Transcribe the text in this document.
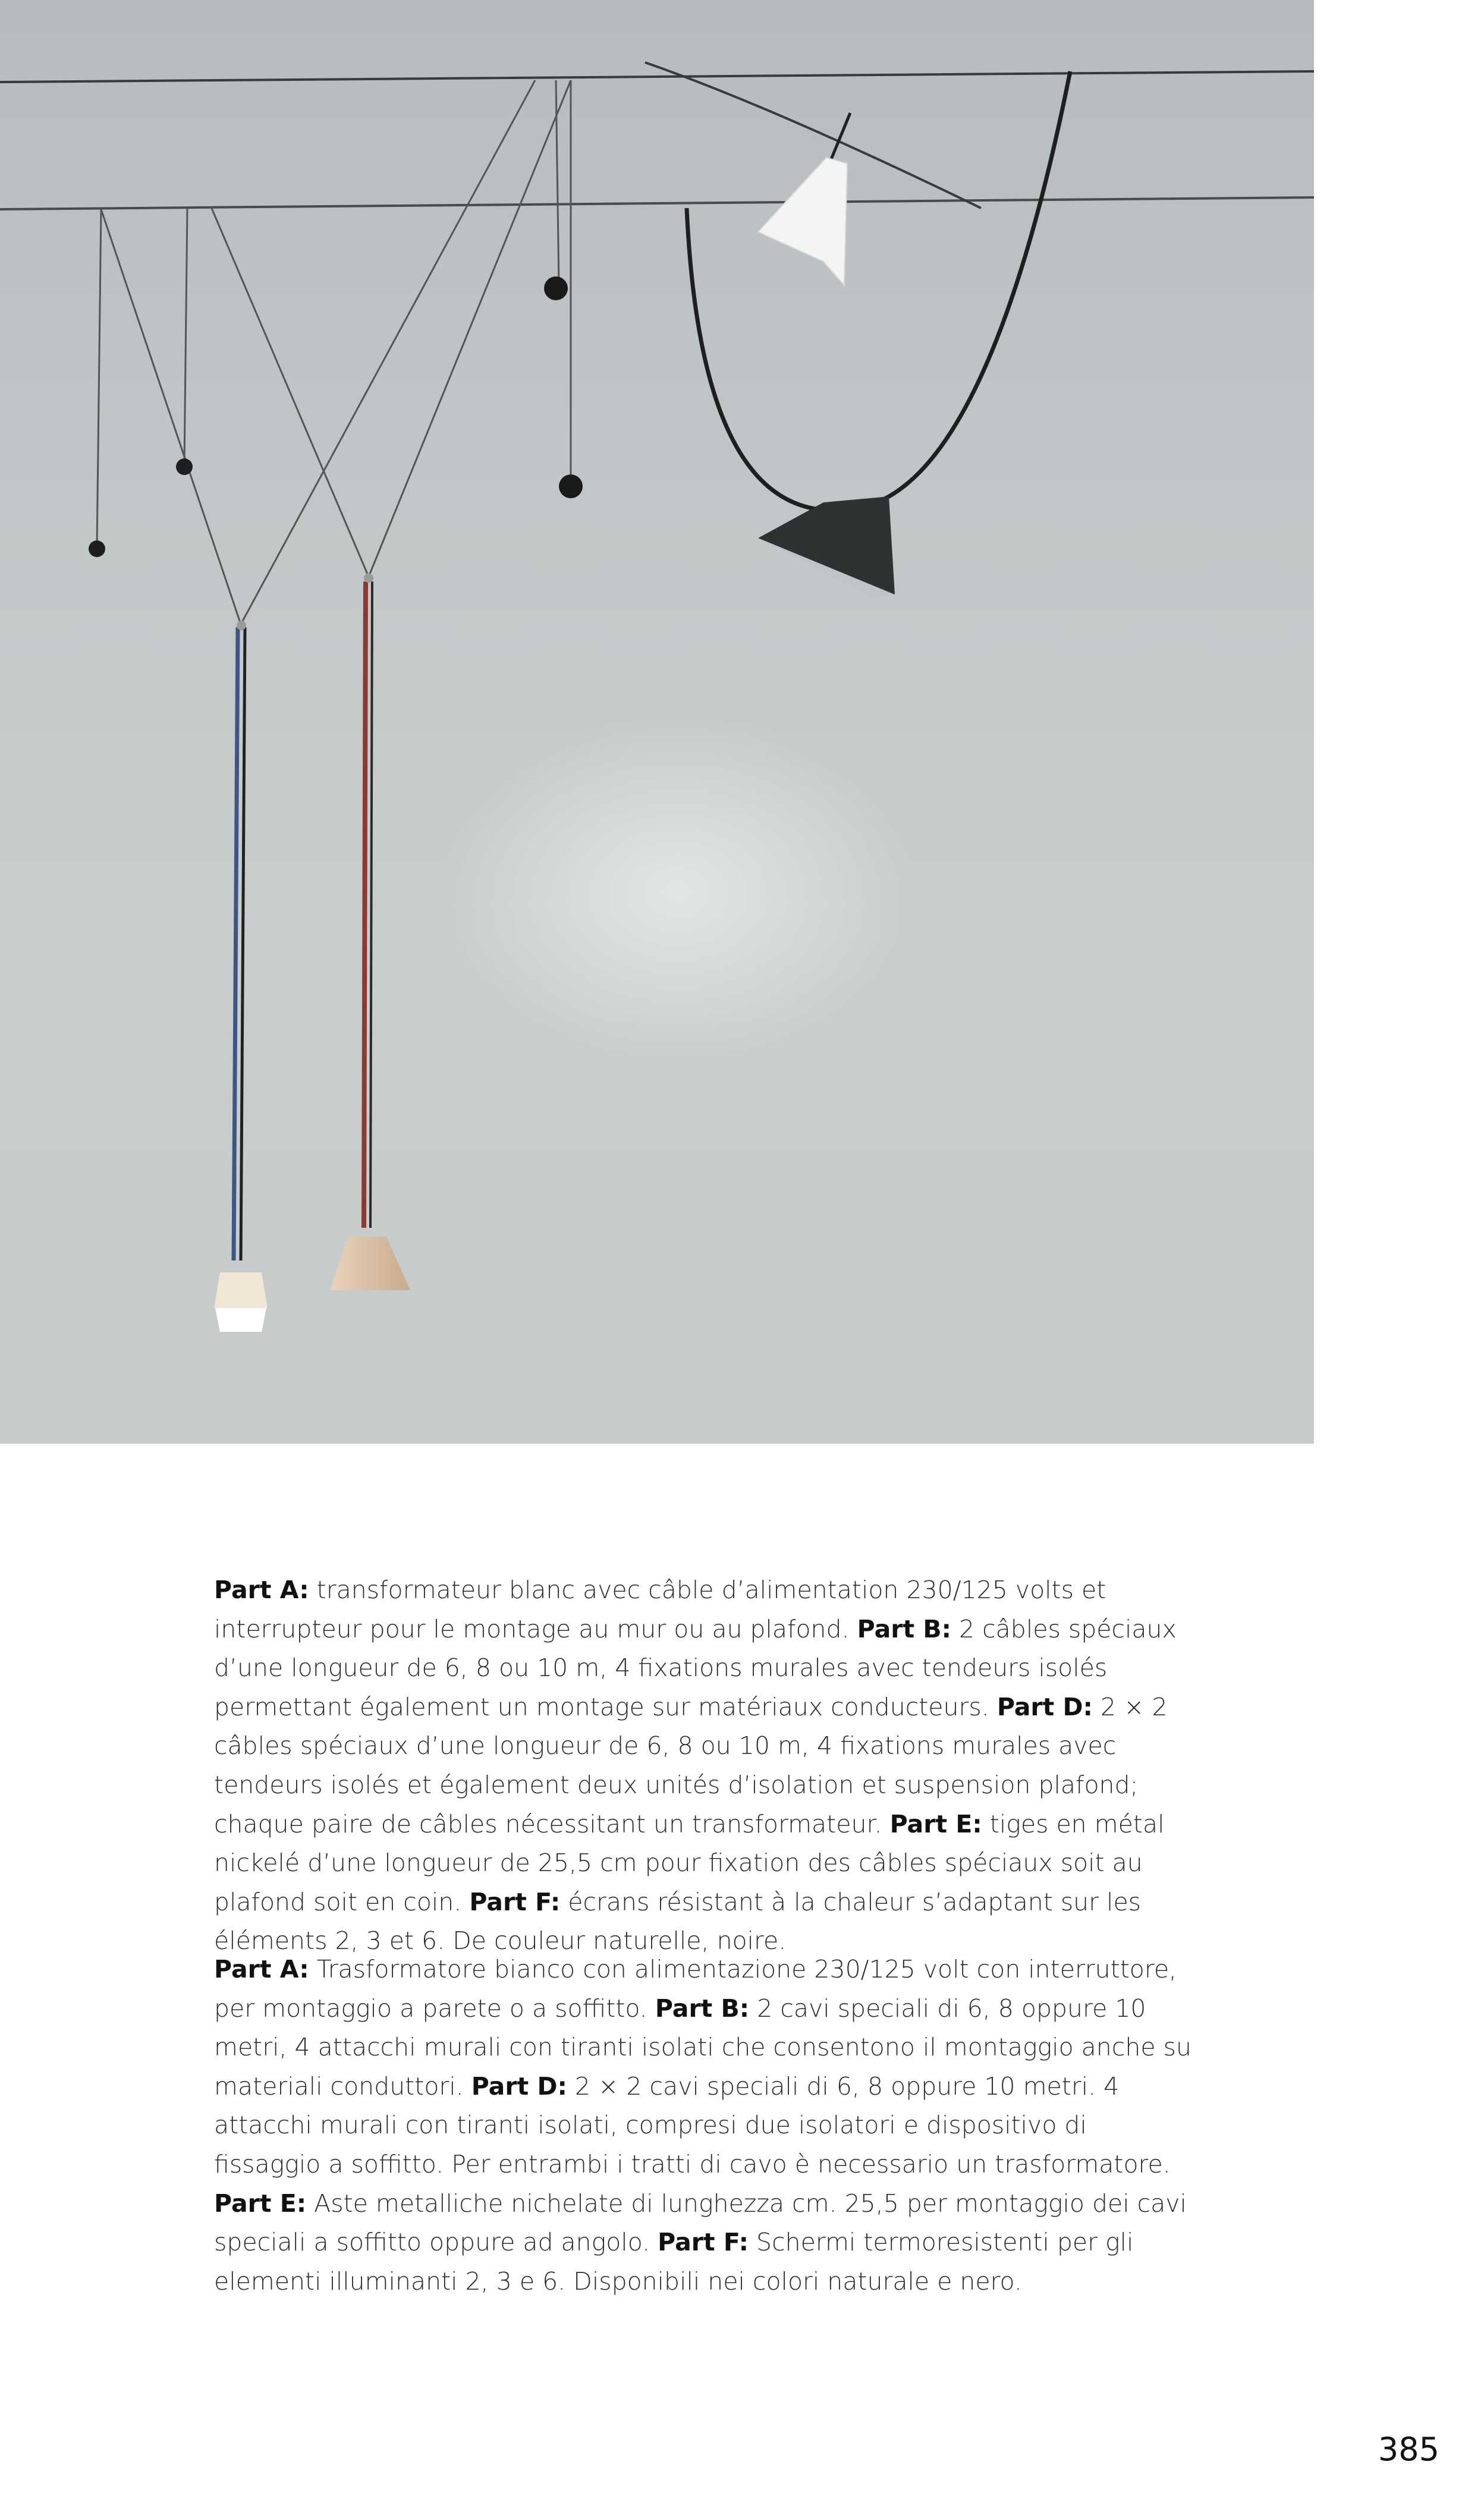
Part A: transformateur blanc avec câble d’alimentation 230/125 volts et interrupteur pour le montage au mur ou au plafond. Part B: 2 câbles spéciaux d’une longueur de 6, 8 ou 10 m, 4 fixations murales avec tendeurs isolés permettant également un montage sur matériaux conducteurs. Part D: 2 × 2 câbles spéciaux d’une longueur de 6, 8 ou 10 m, 4 fixations murales avec tendeurs isolés et également deux unités d’isolation et suspension plafond; chaque paire de câbles nécessitant un transformateur. Part E: tiges en métal nickelé d’une longueur de 25,5 cm pour fixation des câbles spéciaux soit au plafond soit en coin. Part F: écrans résistant à la chaleur s’adaptant sur les éléments 2, 3 et 6. De couleur naturelle, noire.
Part A: Trasformatore bianco con alimentazione 230/125 volt con interruttore, per montaggio a parete o a soffitto. Part B: 2 cavi speciali di 6, 8 oppure 10 metri, 4 attacchi murali con tiranti isolati che consentono il montaggio anche su materiali conduttori. Part D: 2 × 2 cavi speciali di 6, 8 oppure 10 metri. 4 attacchi murali con tiranti isolati, compresi due isolatori e dispositivo di fissaggio a soffitto. Per entrambi i tratti di cavo è necessario un trasformatore. Part E: Aste metalliche nichelate di lunghezza cm. 25,5 per montaggio dei cavi speciali a soffitto oppure ad angolo. Part F: Schermi termoresistenti per gli elementi illuminanti 2, 3 e 6. Disponibili nei colori naturale e nero.
385
